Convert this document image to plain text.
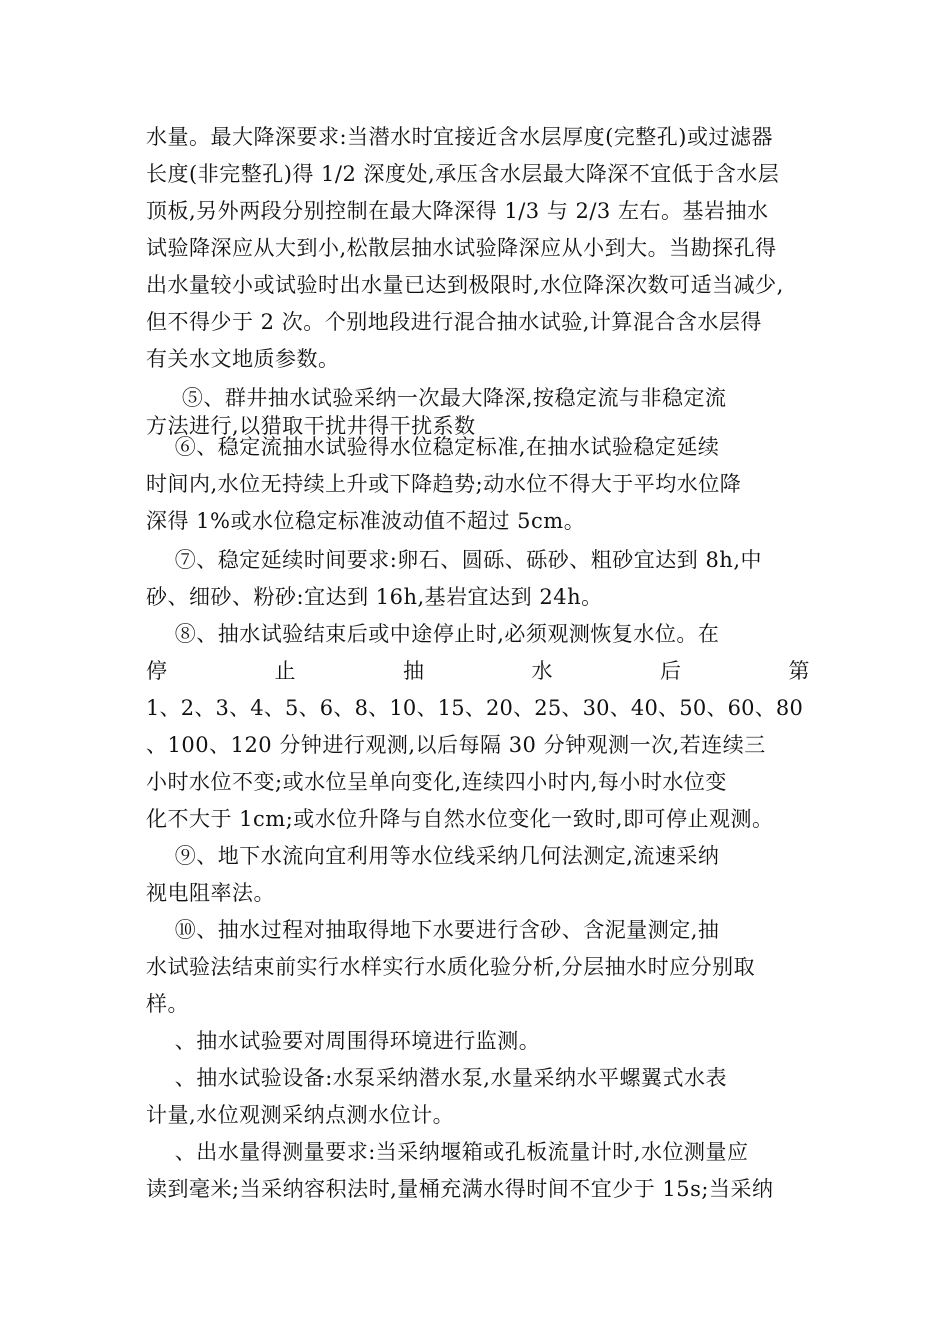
水量。最大降深要求:当潜水时宜接近含水层厚度(完整孔)或过滤器
长度(非完整孔)得 1/2 深度处,承压含水层最大降深不宜低于含水层
顶板,另外两段分别控制在最大降深得 1/3 与 2/3 左右。基岩抽水
试验降深应从大到小,松散层抽水试验降深应从小到大。当勘探孔得
出水量较小或试验时出水量已达到极限时,水位降深次数可适当减少,
但不得少于 2 次。个别地段进行混合抽水试验,计算混合含水层得
有关水文地质参数。
⑤、群井抽水试验采纳一次最大降深,按稳定流与非稳定流
方法进行,以猎取干扰井得干扰系数
⑥、稳定流抽水试验得水位稳定标准,在抽水试验稳定延续
时间内,水位无持续上升或下降趋势;动水位不得大于平均水位降
深得 1%或水位稳定标准波动值不超过 5cm。
⑦、稳定延续时间要求:卵石、圆砾、砾砂、粗砂宜达到 8h,中
砂、细砂、粉砂:宜达到 16h,基岩宜达到 24h。
⑧、抽水试验结束后或中途停止时,必须观测恢复水位。在
停	止	抽	水	后	第
1、2、3、4、5、6、8、10、15、20、25、30、40、50、60、80
、100、120 分钟进行观测,以后每隔 30 分钟观测一次,若连续三
小时水位不变;或水位呈单向变化,连续四小时内,每小时水位变
化不大于 1cm;或水位升降与自然水位变化一致时,即可停止观测。
⑨、地下水流向宜利用等水位线采纳几何法测定,流速采纳
视电阻率法。
⑩、抽水过程对抽取得地下水要进行含砂、含泥量测定,抽
水试验法结束前实行水样实行水质化验分析,分层抽水时应分别取
样。
、抽水试验要对周围得环境进行监测。
、抽水试验设备:水泵采纳潜水泵,水量采纳水平螺翼式水表
计量,水位观测采纳点测水位计。
、出水量得测量要求:当采纳堰箱或孔板流量计时,水位测量应
读到毫米;当采纳容积法时,量桶充满水得时间不宜少于 15s;当采纳
